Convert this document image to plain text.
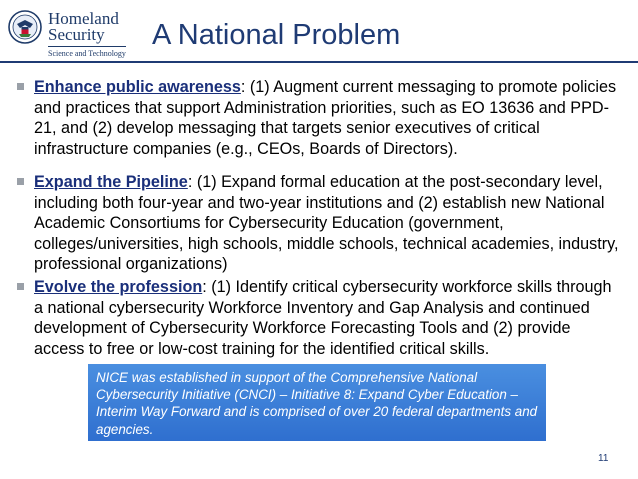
Homeland
Security
Science and Technology
A National Problem
Enhance public awareness: (1) Augment current messaging to promote policies and practices that support Administration priorities, such as EO 13636 and PPD-21, and (2) develop messaging that targets senior executives of critical infrastructure companies (e.g., CEOs, Boards of Directors).
Expand the Pipeline: (1) Expand formal education at the post-secondary level, including both four-year and two-year institutions and (2) establish new National Academic Consortiums for Cybersecurity Education (government, colleges/universities, high schools, middle schools, technical academies, industry, professional organizations)
Evolve the profession: (1) Identify critical cybersecurity workforce skills through a national cybersecurity Workforce Inventory and Gap Analysis and continued development of Cybersecurity Workforce Forecasting Tools and (2) provide access to free or low-cost training for the identified critical skills.
NICE was established in support of the Comprehensive National Cybersecurity Initiative (CNCI) – Initiative 8: Expand Cyber Education – Interim Way Forward and is comprised of over 20 federal departments and agencies.
11
